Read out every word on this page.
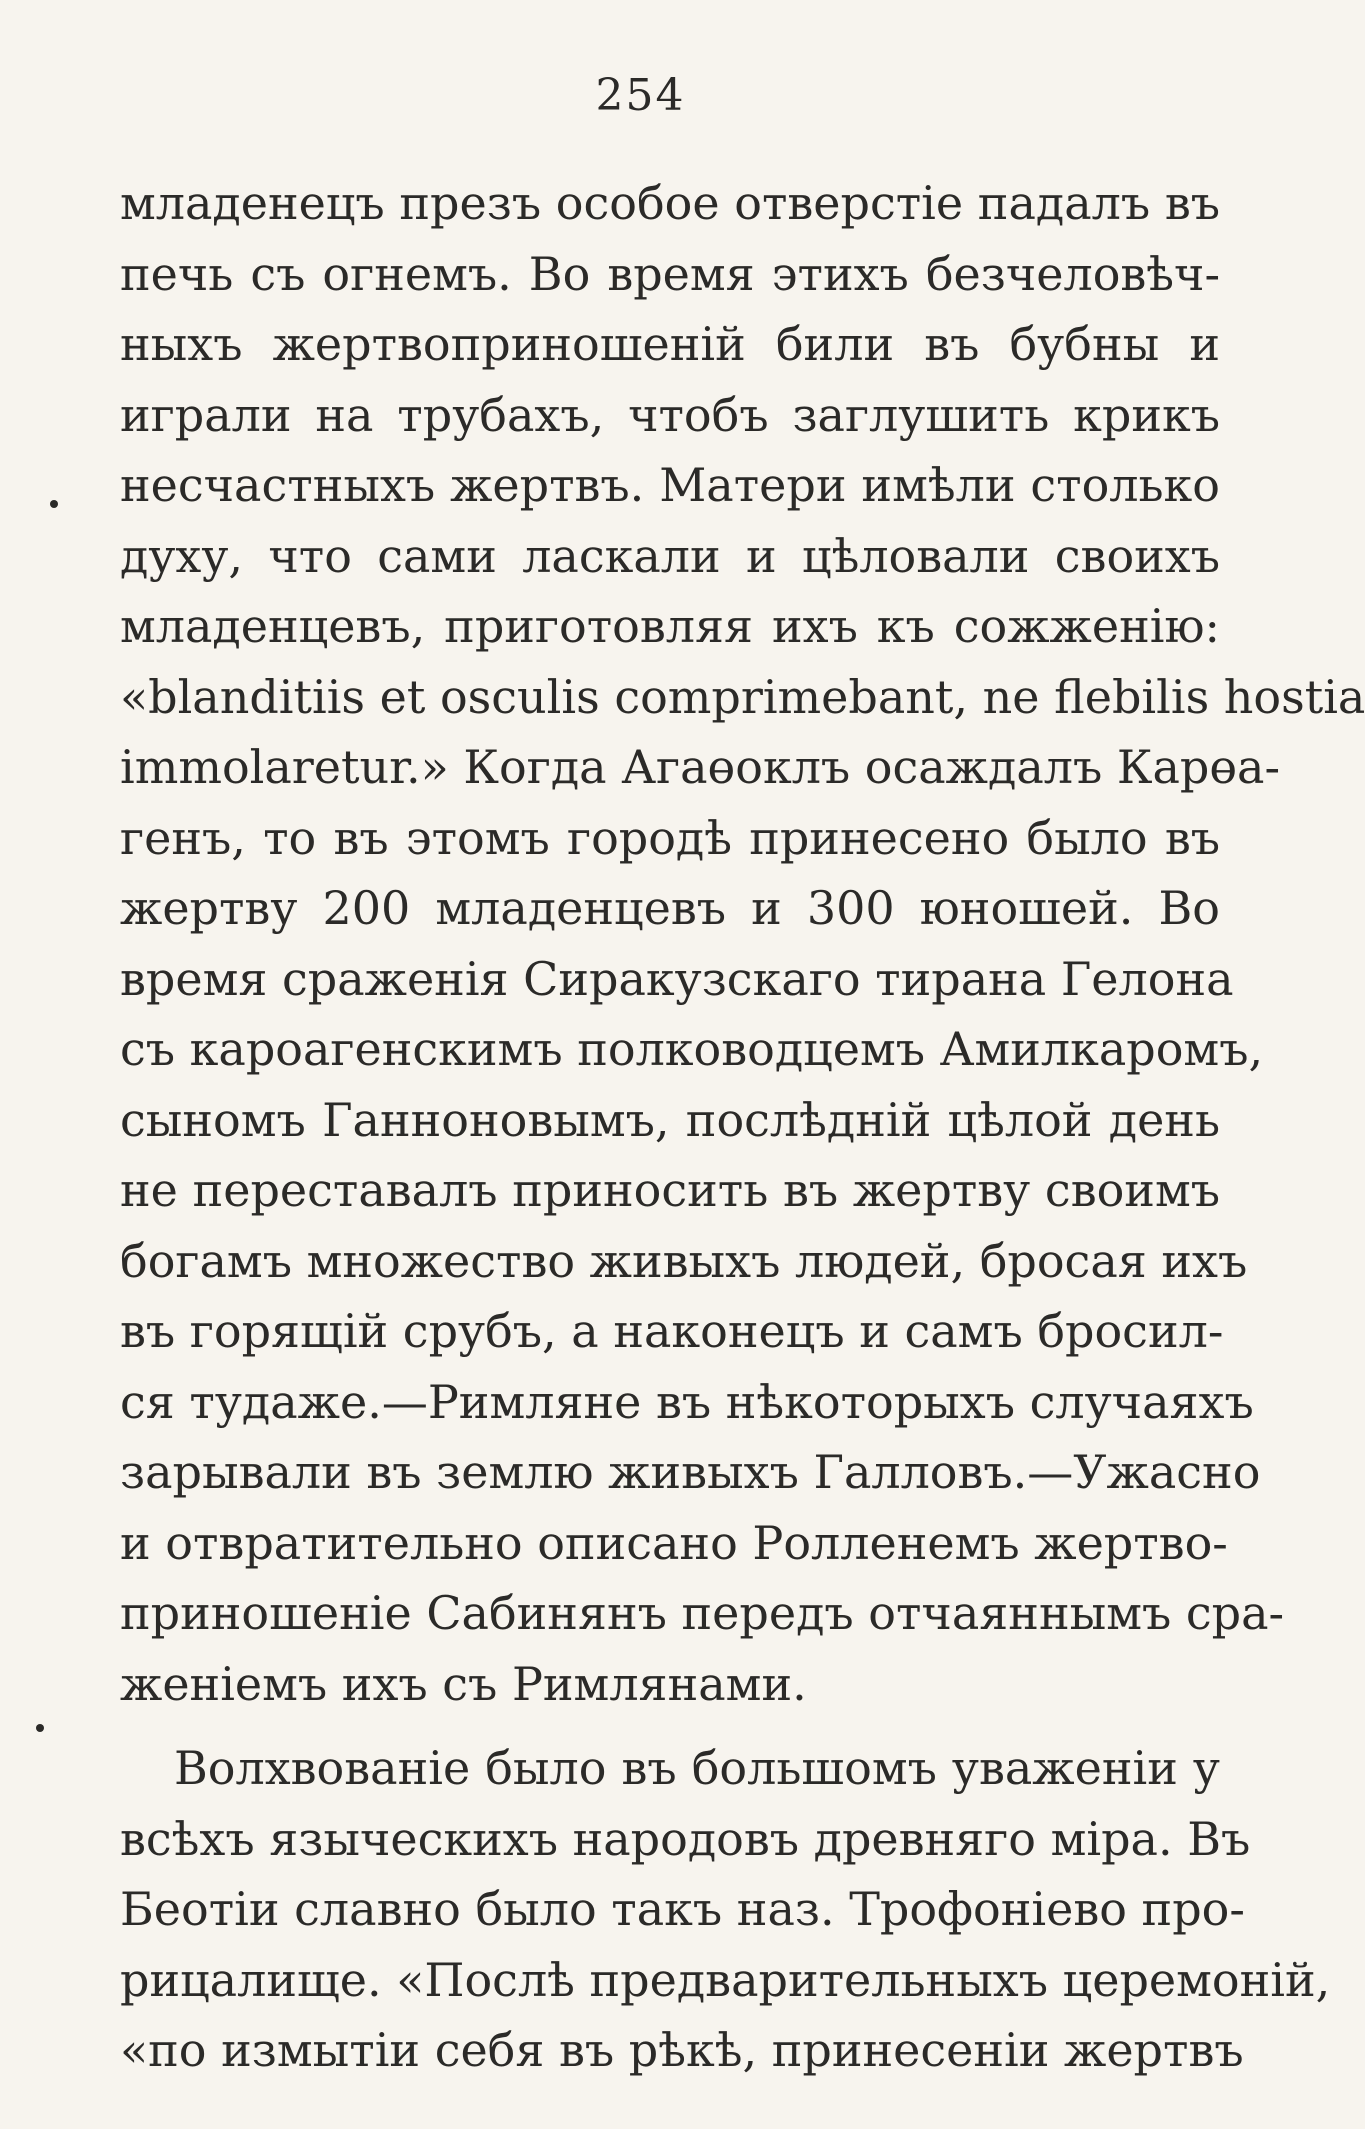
254
младенецъ презъ особое отверстіе падалъ въ
печь съ огнемъ. Во время этихъ безчеловѣч-
ныхъ жертвоприношеній били въ бубны и
играли на трубахъ, чтобъ заглушить крикъ
несчастныхъ жертвъ. Матери имѣли столько
духу, что сами ласкали и цѣловали своихъ
младенцевъ, приготовляя ихъ къ сожженію:
«blanditiis et osculis comprimebant, ne flebilis hostia
immolaretur.» Когда Агаөоклъ осаждалъ Карөа-
генъ, то въ этомъ городѣ принесено было въ
жертву 200 младенцевъ и 300 юношей. Во
время сраженія Сиракузскаго тирана Гелона
съ кароагенскимъ полководцемъ Амилкаромъ,
сыномъ Ганноновымъ, послѣдній цѣлой день
не переставалъ приносить въ жертву своимъ
богамъ множество живыхъ людей, бросая ихъ
въ горящій срубъ, а наконецъ и самъ бросил-
ся тудаже.—Римляне въ нѣкоторыхъ случаяхъ
зарывали въ землю живыхъ Галловъ.—Ужасно
и отвратительно описано Ролленемъ жертво-
приношеніе Сабинянъ передъ отчаяннымъ сра-
женіемъ ихъ съ Римлянами.
Волхвованіе было въ большомъ уваженіи у
всѣхъ языческихъ народовъ древняго міра. Въ
Беотіи славно было такъ наз. Трофоніево про-
рицалище. «Послѣ предварительныхъ церемоній,
«по измытіи себя въ рѣкѣ, принесеніи жертвъ
